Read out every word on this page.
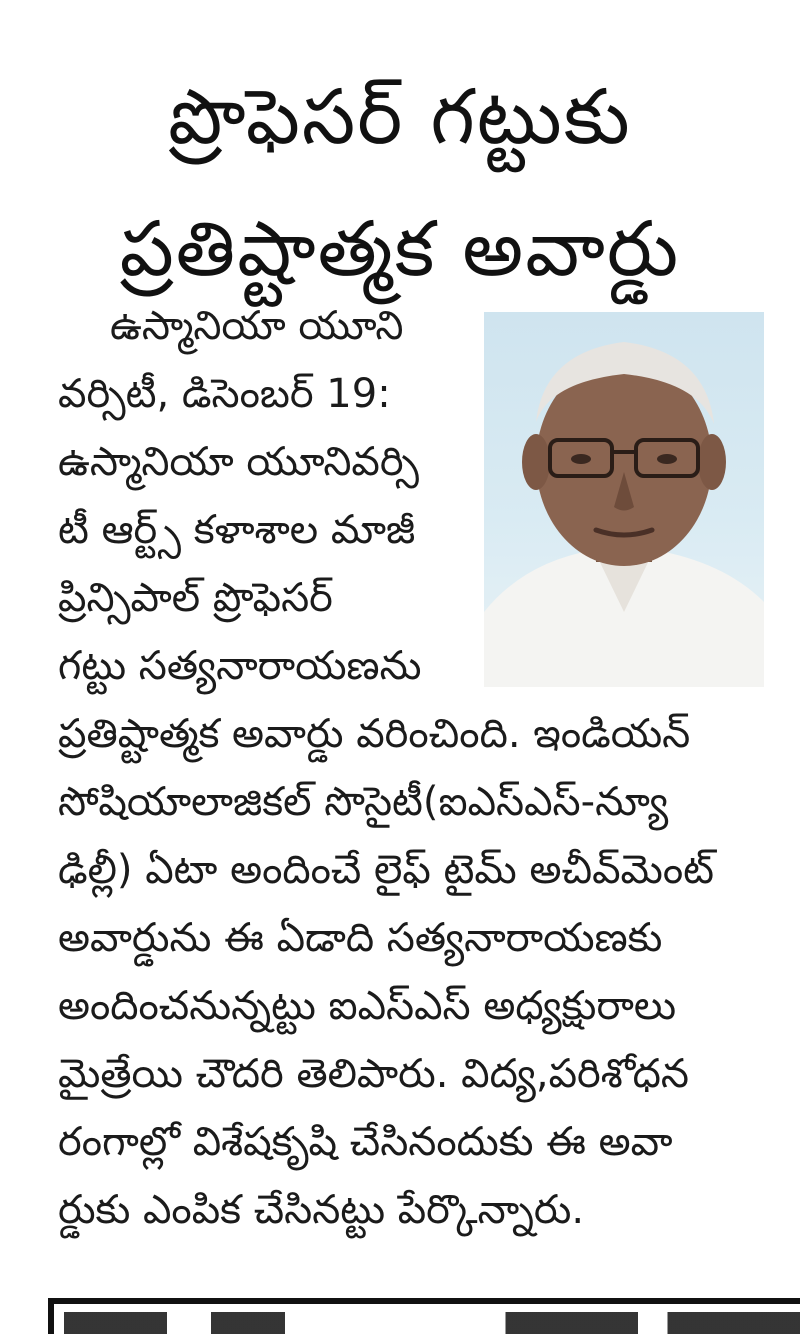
ప్రొఫెసర్ గట్టుకు
ప్రతిష్టాత్మక అవార్డు
ఉస్మానియా యూని
వర్సిటీ, డిసెంబర్ 19:
ఉస్మానియా యూనివర్సి
టీ ఆర్ట్స్ కళాశాల మాజీ
ప్రిన్సిపాల్ ప్రొఫెసర్
గట్టు సత్యనారాయణను
ప్రతిష్టాత్మక అవార్డు వరించింది. ఇండియన్
సోషియాలాజికల్ సొసైటీ(ఐఎస్ఎస్-న్యూ
ఢిల్లీ) ఏటా అందించే లైఫ్ టైమ్ అచీవ్‌మెంట్
అవార్డును ఈ ఏడాది సత్యనారాయణకు
అందించనున్నట్టు ఐఎస్ఎస్ అధ్యక్షురాలు
మైత్రేయి చౌదరి తెలిపారు. విద్య,పరిశోధన
రంగాల్లో విశేషకృషి చేసినందుకు ఈ అవా
ర్డుకు ఎంపిక చేసినట్టు పేర్కొన్నారు.
